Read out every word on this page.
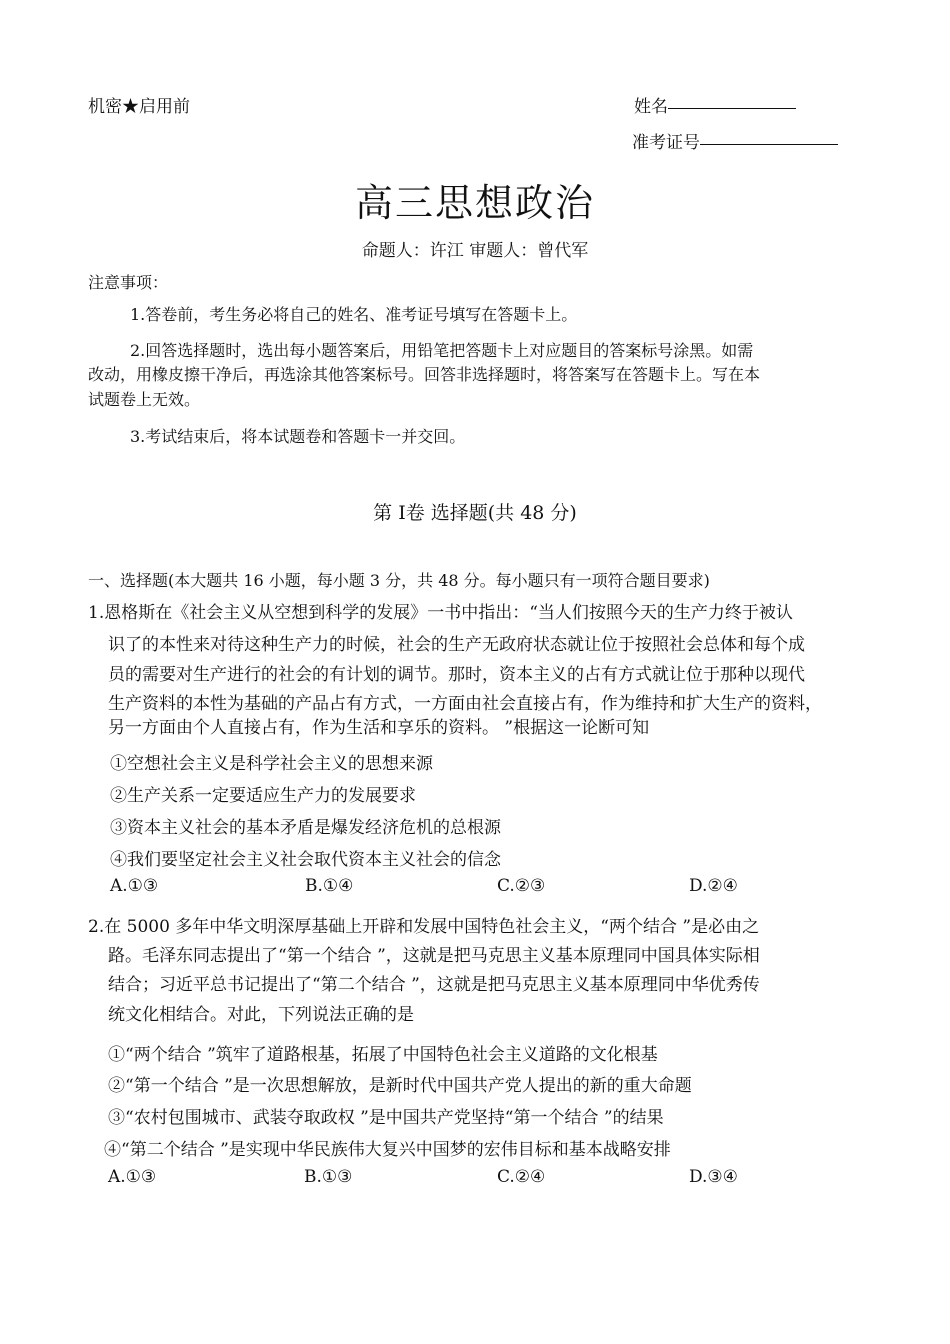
机密★启用前	姓名
准考证号
高三思想政治
命题人：许江 审题人：曾代军
注意事项：
1.答卷前，考生务必将自己的姓名、准考证号填写在答题卡上。
2.回答选择题时，选出每小题答案后，用铅笔把答题卡上对应题目的答案标号涂黑。如需
改动，用橡皮擦干净后，再选涂其他答案标号。回答非选择题时，将答案写在答题卡上。写在本
试题卷上无效。
3.考试结束后，将本试题卷和答题卡一并交回。
第 Ⅰ卷 选择题(共 48 分)
一、选择题(本大题共 16 小题，每小题 3 分，共 48 分。每小题只有一项符合题目要求)
1.恩格斯在《社会主义从空想到科学的发展》一书中指出：“当人们按照今天的生产力终于被认
识了的本性来对待这种生产力的时候，社会的生产无政府状态就让位于按照社会总体和每个成
员的需要对生产进行的社会的有计划的调节。那时，资本主义的占有方式就让位于那种以现代
生产资料的本性为基础的产品占有方式，一方面由社会直接占有，作为维持和扩大生产的资料，
另一方面由个人直接占有，作为生活和享乐的资料。 ”根据这一论断可知
①空想社会主义是科学社会主义的思想来源
②生产关系一定要适应生产力的发展要求
③资本主义社会的基本矛盾是爆发经济危机的总根源
④我们要坚定社会主义社会取代资本主义社会的信念
A.①③	B.①④	C.②③	D.②④
2.在 5000 多年中华文明深厚基础上开辟和发展中国特色社会主义，“两个结合 ”是必由之
路。毛泽东同志提出了“第一个结合 ”，这就是把马克思主义基本原理同中国具体实际相
结合；习近平总书记提出了“第二个结合 ”，这就是把马克思主义基本原理同中华优秀传
统文化相结合。对此，下列说法正确的是
①“两个结合 ”筑牢了道路根基，拓展了中国特色社会主义道路的文化根基
②“第一个结合 ”是一次思想解放，是新时代中国共产党人提出的新的重大命题
③“农村包围城市、武装夺取政权 ”是中国共产党坚持“第一个结合 ”的结果
④“第二个结合 ”是实现中华民族伟大复兴中国梦的宏伟目标和基本战略安排
A.①③	B.①③	C.②④	D.③④
